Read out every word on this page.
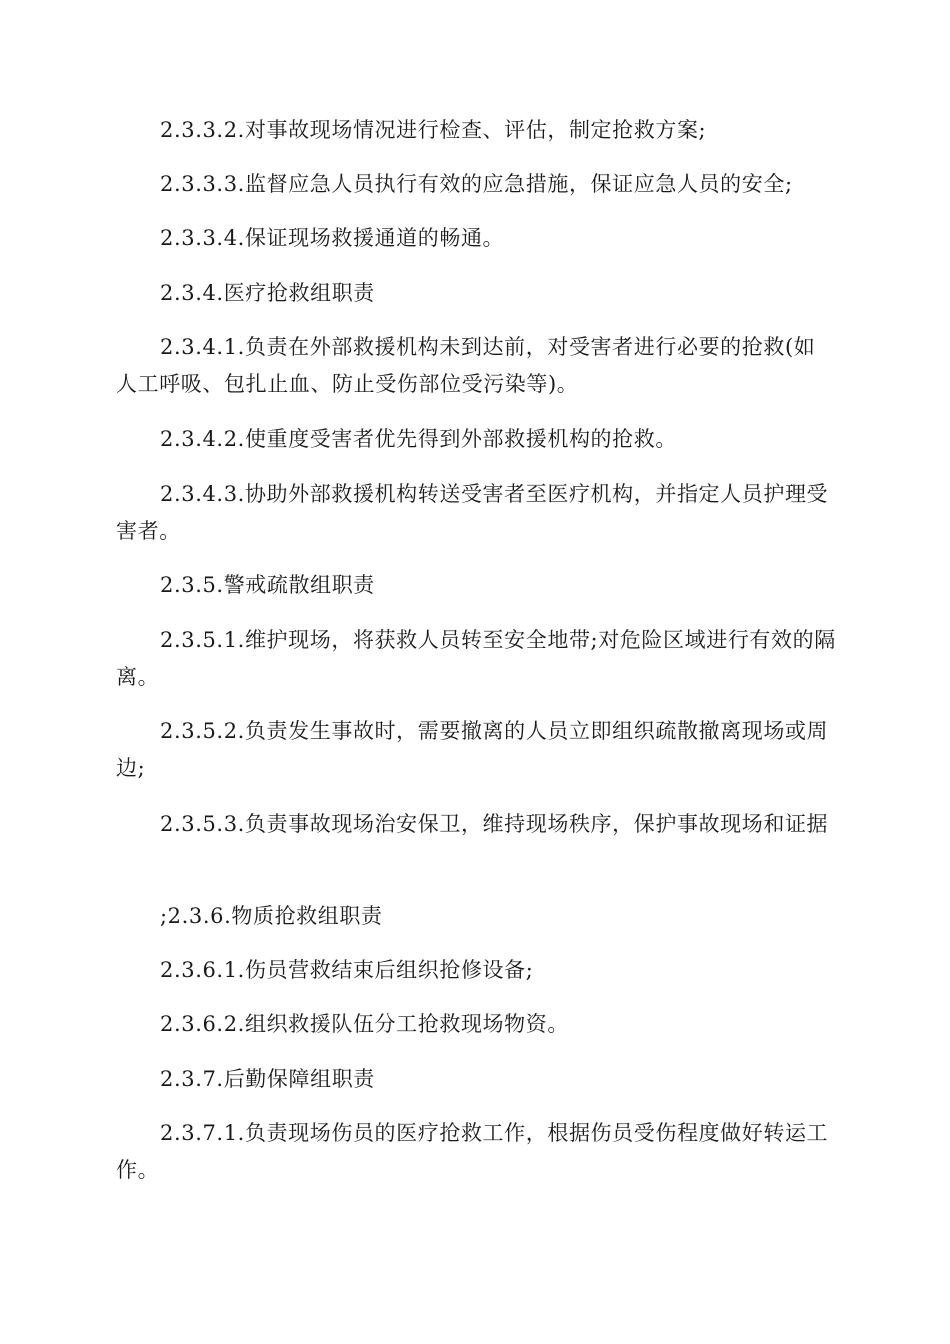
2.3.3.2.对事故现场情况进行检查、评估，制定抢救方案;

2.3.3.3.监督应急人员执行有效的应急措施，保证应急人员的安全;

2.3.3.4.保证现场救援通道的畅通。

2.3.4.医疗抢救组职责

2.3.4.1.负责在外部救援机构未到达前，对受害者进行必要的抢救(如人工呼吸、包扎止血、防止受伤部位受污染等)。

2.3.4.2.使重度受害者优先得到外部救援机构的抢救。

2.3.4.3.协助外部救援机构转送受害者至医疗机构，并指定人员护理受害者。

2.3.5.警戒疏散组职责

2.3.5.1.维护现场，将获救人员转至安全地带;对危险区域进行有效的隔离。

2.3.5.2.负责发生事故时，需要撤离的人员立即组织疏散撤离现场或周边;

2.3.5.3.负责事故现场治安保卫，维持现场秩序，保护事故现场和证据

;2.3.6.物质抢救组职责

2.3.6.1.伤员营救结束后组织抢修设备;

2.3.6.2.组织救援队伍分工抢救现场物资。

2.3.7.后勤保障组职责

2.3.7.1.负责现场伤员的医疗抢救工作，根据伤员受伤程度做好转运工作。
